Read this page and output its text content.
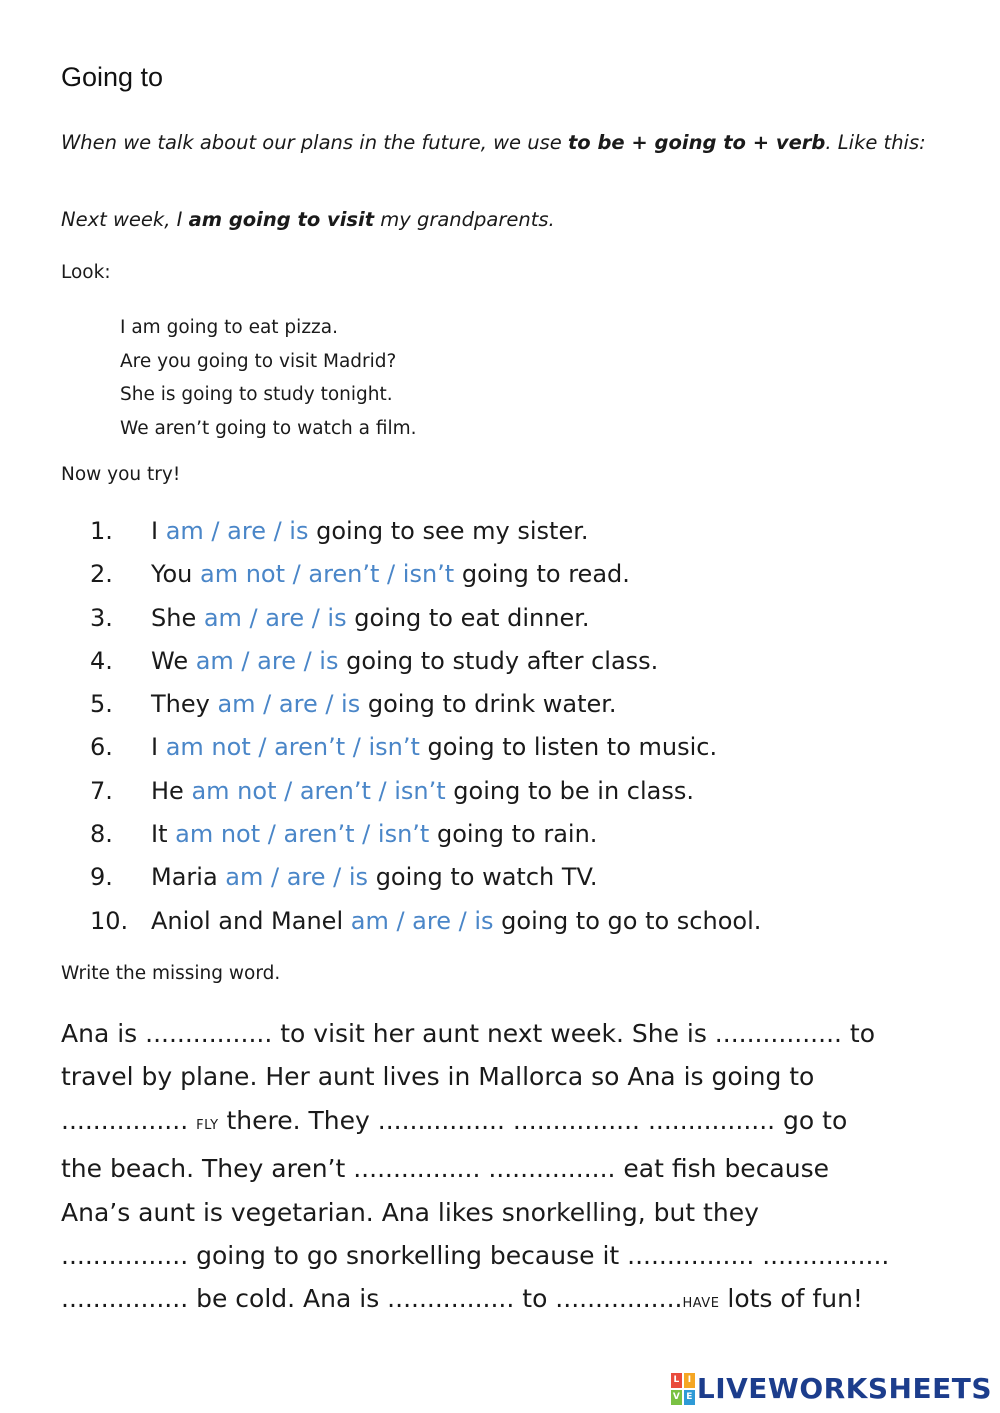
Going to
When we talk about our plans in the future, we use to be + going to + verb. Like this:
Next week, I am going to visit my grandparents.
Look:
I am going to eat pizza.
Are you going to visit Madrid?
She is going to study tonight.
We aren’t going to watch a film.
Now you try!
1. I am / are / is going to see my sister.
2. You am not / aren’t / isn’t going to read.
3. She am / are / is going to eat dinner.
4. We am / are / is going to study after class.
5. They am / are / is going to drink water.
6. I am not / aren’t / isn’t going to listen to music.
7. He am not / aren’t / isn’t going to be in class.
8. It am not / aren’t / isn’t going to rain.
9. Maria am / are / is going to watch TV.
10. Aniol and Manel am / are / is going to go to school.
Write the missing word.
Ana is ................ to visit her aunt next week. She is ................ to
travel by plane. Her aunt lives in Mallorca so Ana is going to
................ FLY there. They ................ ................ ................ go to
the beach. They aren’t ................ ................ eat fish because
Ana’s aunt is vegetarian. Ana likes snorkelling, but they
................ going to go snorkelling because it ................ ................
................ be cold. Ana is ................ to ................HAVE lots of fun!
L I
V E LIVEWORKSHEETS
